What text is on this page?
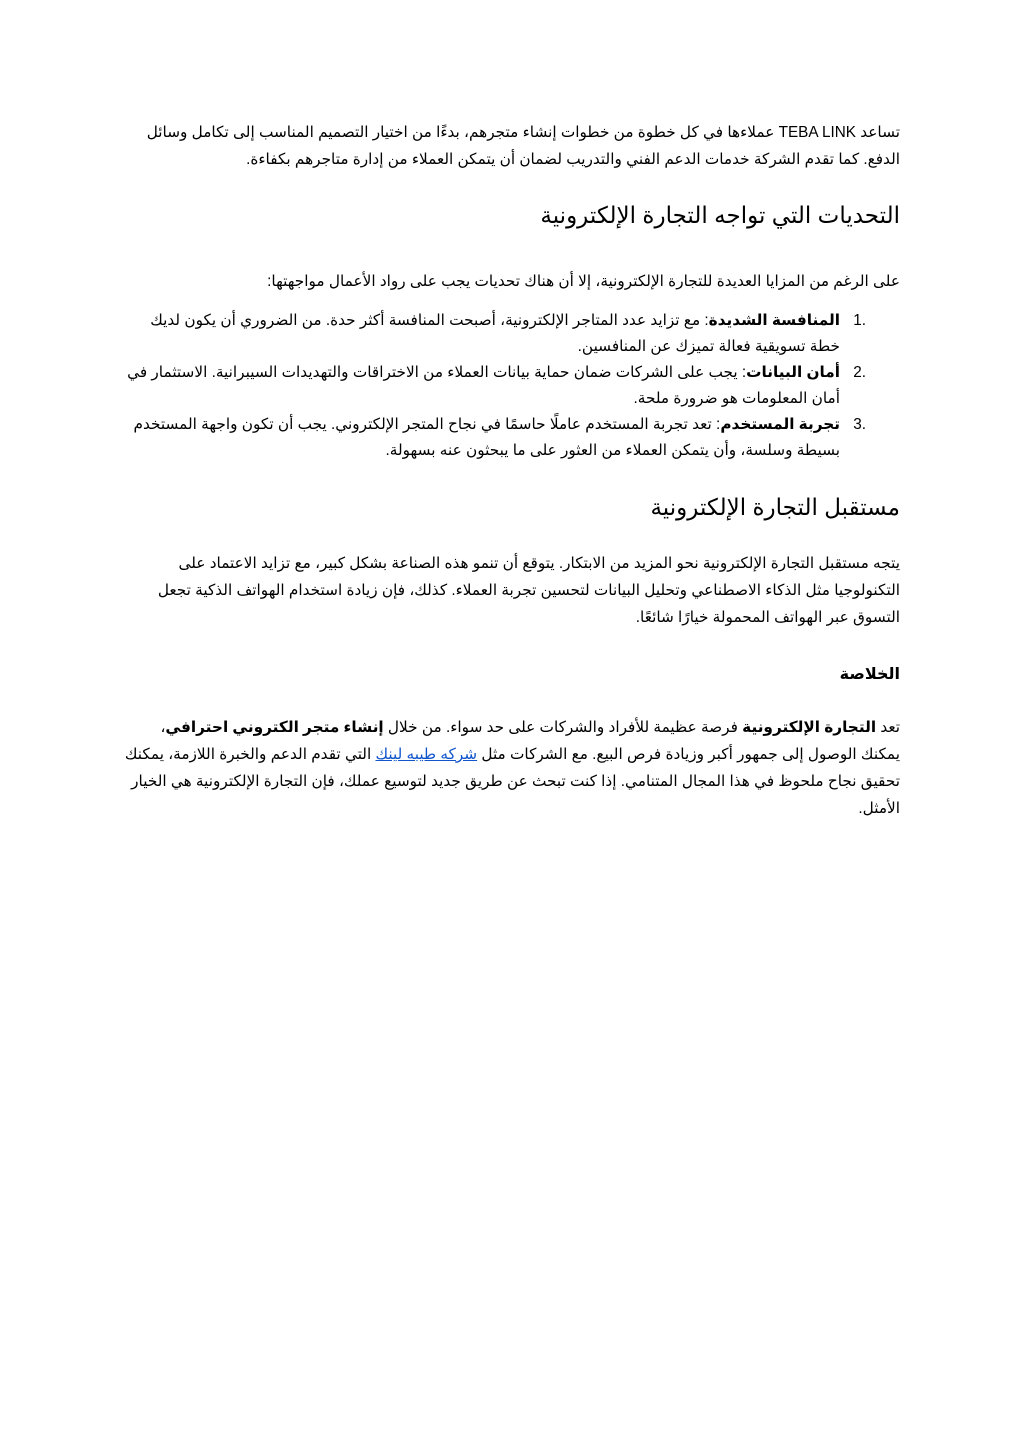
تساعد TEBA LINK عملاءها في كل خطوة من خطوات إنشاء متجرهم، بدءًا من اختيار التصميم المناسب إلى تكامل وسائل الدفع. كما تقدم الشركة خدمات الدعم الفني والتدريب لضمان أن يتمكن العملاء من إدارة متاجرهم بكفاءة.

التحديات التي تواجه التجارة الإلكترونية

على الرغم من المزايا العديدة للتجارة الإلكترونية، إلا أن هناك تحديات يجب على رواد الأعمال مواجهتها:

1.
المنافسة الشديدة: مع تزايد عدد المتاجر الإلكترونية، أصبحت المنافسة أكثر حدة. من الضروري أن يكون لديك خطة تسويقية فعالة تميزك عن المنافسين.
2.
أمان البيانات: يجب على الشركات ضمان حماية بيانات العملاء من الاختراقات والتهديدات السيبرانية. الاستثمار في أمان المعلومات هو ضرورة ملحة.
3.
تجربة المستخدم: تعد تجربة المستخدم عاملًا حاسمًا في نجاح المتجر الإلكتروني. يجب أن تكون واجهة المستخدم بسيطة وسلسة، وأن يتمكن العملاء من العثور على ما يبحثون عنه بسهولة.
مستقبل التجارة الإلكترونية

يتجه مستقبل التجارة الإلكترونية نحو المزيد من الابتكار. يتوقع أن تنمو هذه الصناعة بشكل كبير، مع تزايد الاعتماد على التكنولوجيا مثل الذكاء الاصطناعي وتحليل البيانات لتحسين تجربة العملاء. كذلك، فإن زيادة استخدام الهواتف الذكية تجعل التسوق عبر الهواتف المحمولة خيارًا شائعًا.

الخلاصة

تعد التجارة الإلكترونية فرصة عظيمة للأفراد والشركات على حد سواء. من خلال إنشاء متجر الكتروني احترافي، يمكنك الوصول إلى جمهور أكبر وزيادة فرص البيع. مع الشركات مثل شركه طيبه لينك التي تقدم الدعم والخبرة اللازمة، يمكنك تحقيق نجاح ملحوظ في هذا المجال المتنامي. إذا كنت تبحث عن طريق جديد لتوسيع عملك، فإن التجارة الإلكترونية هي الخيار الأمثل.
